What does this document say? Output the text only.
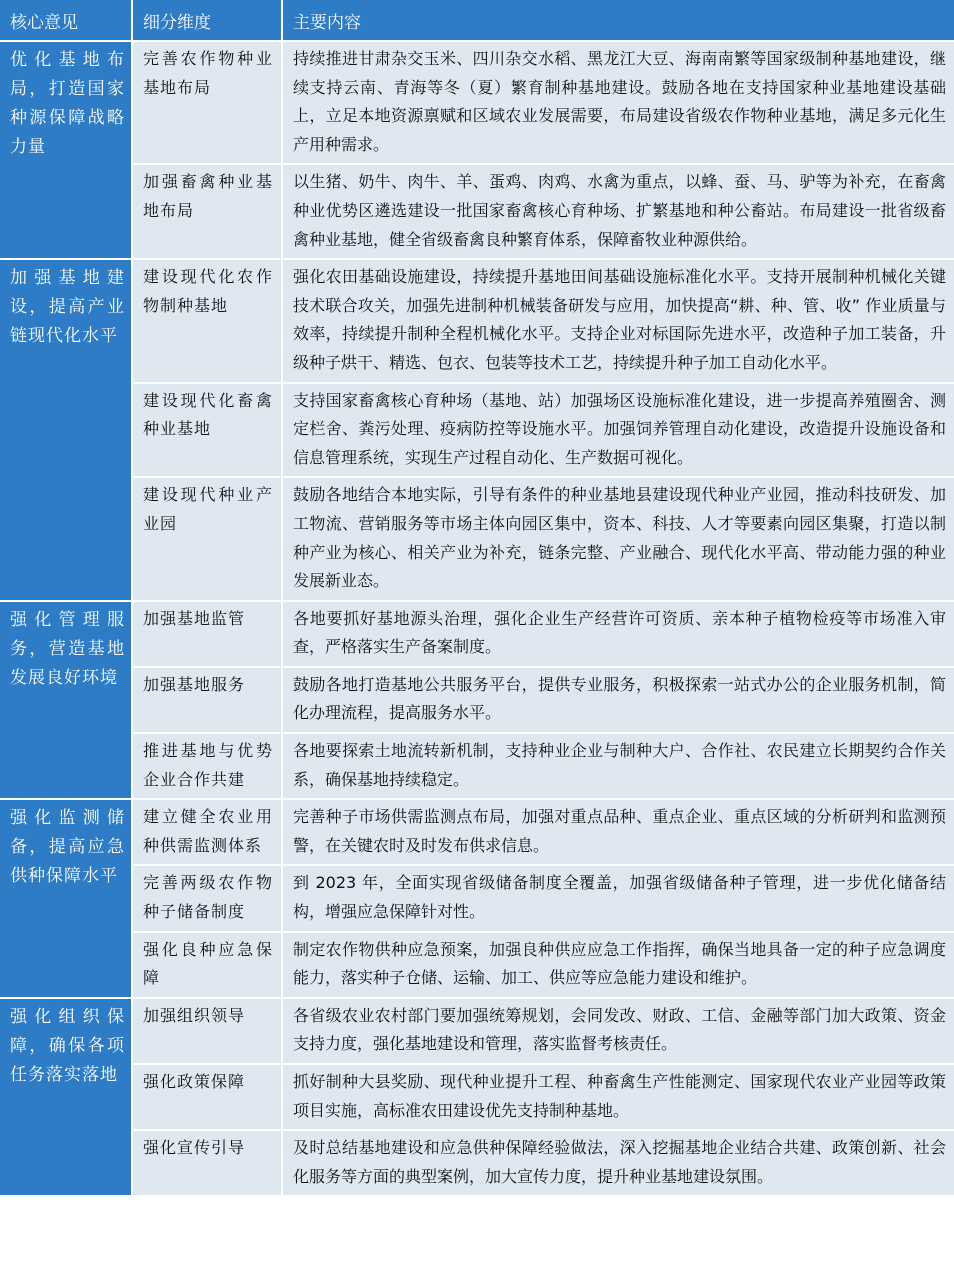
核心意见	细分维度	主要内容
优化基地布局，打造国家种源保障战略力量	完善农作物种业基地布局	持续推进甘肃杂交玉米、四川杂交水稻、黑龙江大豆、海南南繁等国家级制种基地建设，继续支持云南、青海等冬（夏）繁育制种基地建设。鼓励各地在支持国家种业基地建设基础上，立足本地资源禀赋和区域农业发展需要，布局建设省级农作物种业基地，满足多元化生产用种需求。
	加强畜禽种业基地布局	以生猪、奶牛、肉牛、羊、蛋鸡、肉鸡、水禽为重点，以蜂、蚕、马、驴等为补充，在畜禽种业优势区遴选建设一批国家畜禽核心育种场、扩繁基地和种公畜站。布局建设一批省级畜禽种业基地，健全省级畜禽良种繁育体系，保障畜牧业种源供给。
加强基地建设，提高产业链现代化水平	建设现代化农作物制种基地	强化农田基础设施建设，持续提升基地田间基础设施标准化水平。支持开展制种机械化关键技术联合攻关，加强先进制种机械装备研发与应用，加快提高“耕、种、管、收” 作业质量与效率，持续提升制种全程机械化水平。支持企业对标国际先进水平，改造种子加工装备，升级种子烘干、精选、包衣、包装等技术工艺，持续提升种子加工自动化水平。
	建设现代化畜禽种业基地	支持国家畜禽核心育种场（基地、站）加强场区设施标准化建设，进一步提高养殖圈舍、测定栏舍、粪污处理、疫病防控等设施水平。加强饲养管理自动化建设，改造提升设施设备和信息管理系统，实现生产过程自动化、生产数据可视化。
	建设现代种业产业园	鼓励各地结合本地实际，引导有条件的种业基地县建设现代种业产业园，推动科技研发、加工物流、营销服务等市场主体向园区集中，资本、科技、人才等要素向园区集聚，打造以制种产业为核心、相关产业为补充，链条完整、产业融合、现代化水平高、带动能力强的种业发展新业态。
强化管理服务，营造基地发展良好环境	加强基地监管	各地要抓好基地源头治理，强化企业生产经营许可资质、亲本种子植物检疫等市场准入审查，严格落实生产备案制度。
	加强基地服务	鼓励各地打造基地公共服务平台，提供专业服务，积极探索一站式办公的企业服务机制，简化办理流程，提高服务水平。
	推进基地与优势企业合作共建	各地要探索土地流转新机制，支持种业企业与制种大户、合作社、农民建立长期契约合作关系，确保基地持续稳定。
强化监测储备，提高应急供种保障水平	建立健全农业用种供需监测体系	完善种子市场供需监测点布局，加强对重点品种、重点企业、重点区域的分析研判和监测预警，在关键农时及时发布供求信息。
	完善两级农作物种子储备制度	到 2023 年，全面实现省级储备制度全覆盖，加强省级储备种子管理，进一步优化储备结构，增强应急保障针对性。
	强化良种应急保障	制定农作物供种应急预案，加强良种供应应急工作指挥，确保当地具备一定的种子应急调度能力，落实种子仓储、运输、加工、供应等应急能力建设和维护。
强化组织保障，确保各项任务落实落地	加强组织领导	各省级农业农村部门要加强统筹规划，会同发改、财政、工信、金融等部门加大政策、资金支持力度，强化基地建设和管理，落实监督考核责任。
	强化政策保障	抓好制种大县奖励、现代种业提升工程、种畜禽生产性能测定、国家现代农业产业园等政策项目实施，高标准农田建设优先支持制种基地。
	强化宣传引导	及时总结基地建设和应急供种保障经验做法，深入挖掘基地企业结合共建、政策创新、社会化服务等方面的典型案例，加大宣传力度，提升种业基地建设氛围。
